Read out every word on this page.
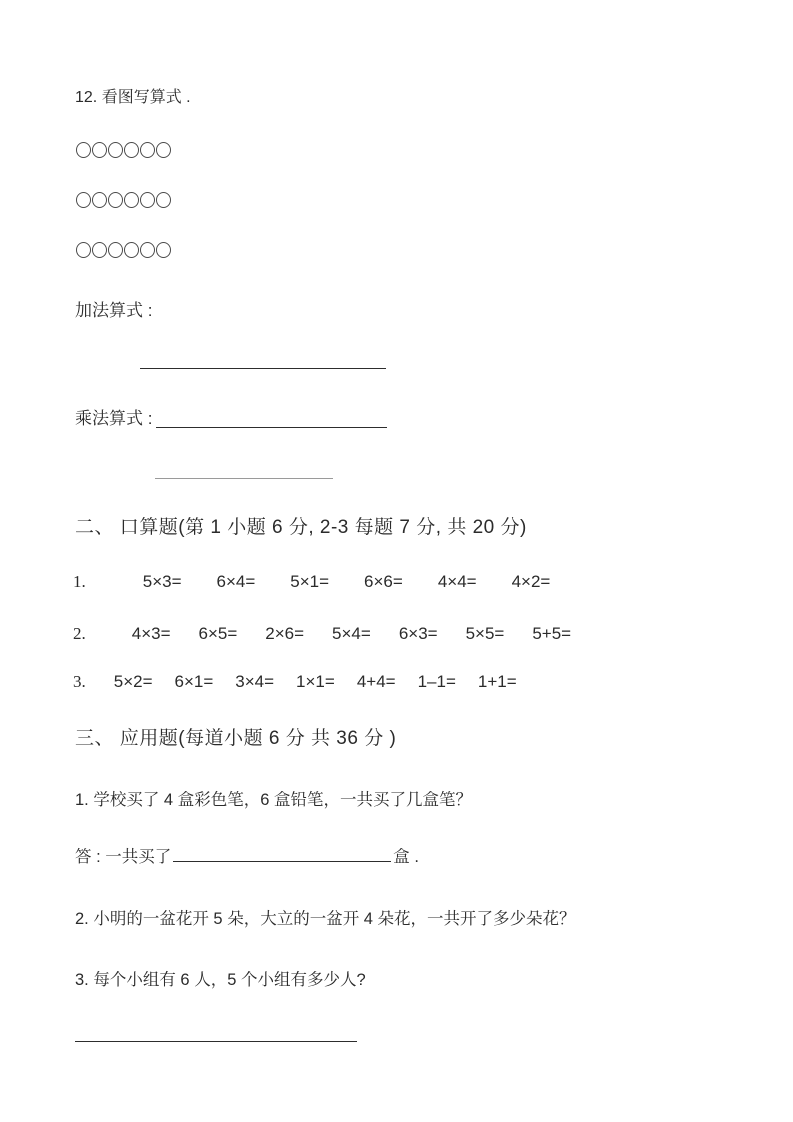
12. 看图写算式 .
加法算式 :
乘法算式 :
二、 口算题(第 1 小题 6 分, 2-3 每题 7 分, 共 20 分)
1.	5×3= 6×4= 5×1= 6×6= 4×4= 4×2=
2.	4×3= 6×5= 2×6= 5×4= 6×3= 5×5= 5+5=
3. 5×2= 6×1= 3×4= 1×1= 4+4= 1–1= 1+1=
三、 应用题(每道小题 6 分 共 36 分 )
1. 学校买了 4 盒彩色笔，6 盒铅笔，一共买了几盒笔？
答 : 一共买了	盒 .
2. 小明的一盆花开 5 朵，大立的一盆开 4 朵花，一共开了多少朵花？
3. 每个小组有 6 人，5 个小组有多少人?
